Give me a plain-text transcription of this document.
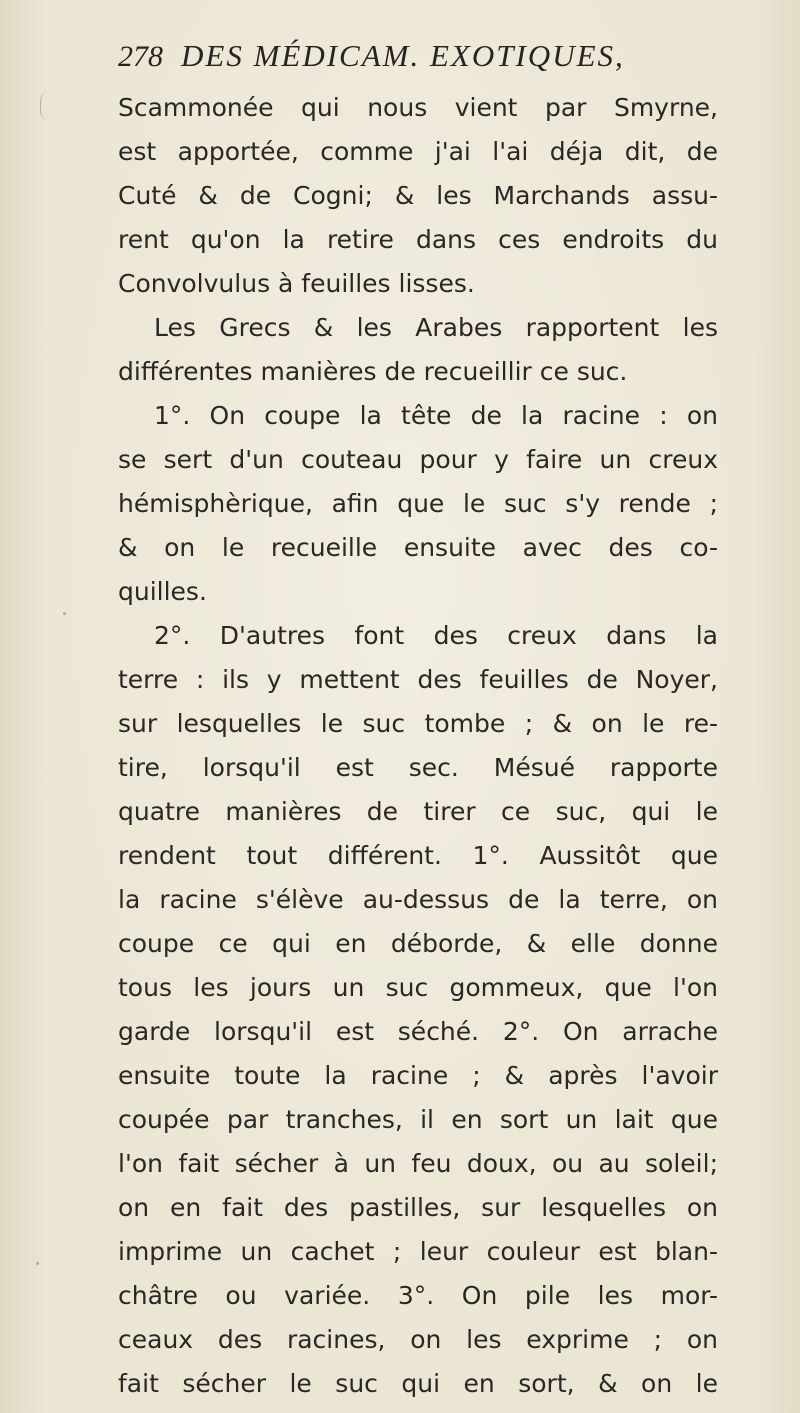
278 DES MÉDICAM. EXOTIQUES,
Scammonée qui nous vient par Smyrne,
est apportée, comme j'ai l'ai déja dit, de
Cuté & de Cogni; & les Marchands assu-
rent qu'on la retire dans ces endroits du
Convolvulus à feuilles lisses.
Les Grecs & les Arabes rapportent les
différentes manières de recueillir ce suc.
1°. On coupe la tête de la racine : on
se sert d'un couteau pour y faire un creux
hémisphèrique, afin que le suc s'y rende ;
& on le recueille ensuite avec des co-
quilles.
2°. D'autres font des creux dans la
terre : ils y mettent des feuilles de Noyer,
sur lesquelles le suc tombe ; & on le re-
tire, lorsqu'il est sec. Mésué rapporte
quatre manières de tirer ce suc, qui le
rendent tout différent. 1°. Aussitôt que
la racine s'élève au-dessus de la terre, on
coupe ce qui en déborde, & elle donne
tous les jours un suc gommeux, que l'on
garde lorsqu'il est séché. 2°. On arrache
ensuite toute la racine ; & après l'avoir
coupée par tranches, il en sort un lait que
l'on fait sécher à un feu doux, ou au soleil;
on en fait des pastilles, sur lesquelles on
imprime un cachet ; leur couleur est blan-
châtre ou variée. 3°. On pile les mor-
ceaux des racines, on les exprime ; on
fait sécher le suc qui en sort, & on le
